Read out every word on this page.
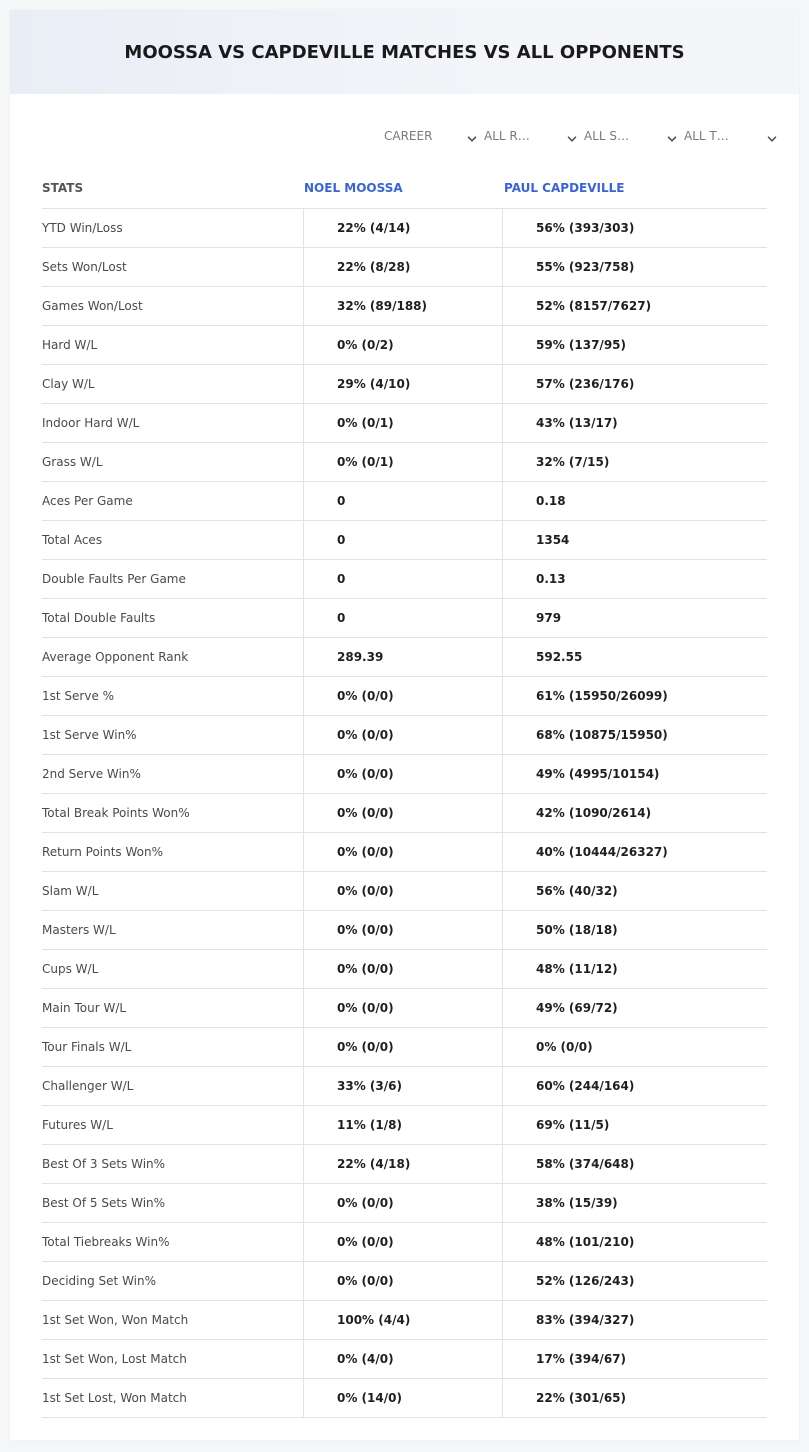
MOOSSA VS CAPDEVILLE MATCHES VS ALL OPPONENTS
CAREER	ALL R…	ALL S…	ALL T…
STATS	NOEL MOOSSA	PAUL CAPDEVILLE
YTD Win/Loss	22% (4/14)	56% (393/303)
Sets Won/Lost	22% (8/28)	55% (923/758)
Games Won/Lost	32% (89/188)	52% (8157/7627)
Hard W/L	0% (0/2)	59% (137/95)
Clay W/L	29% (4/10)	57% (236/176)
Indoor Hard W/L	0% (0/1)	43% (13/17)
Grass W/L	0% (0/1)	32% (7/15)
Aces Per Game	0	0.18
Total Aces	0	1354
Double Faults Per Game	0	0.13
Total Double Faults	0	979
Average Opponent Rank	289.39	592.55
1st Serve %	0% (0/0)	61% (15950/26099)
1st Serve Win%	0% (0/0)	68% (10875/15950)
2nd Serve Win%	0% (0/0)	49% (4995/10154)
Total Break Points Won%	0% (0/0)	42% (1090/2614)
Return Points Won%	0% (0/0)	40% (10444/26327)
Slam W/L	0% (0/0)	56% (40/32)
Masters W/L	0% (0/0)	50% (18/18)
Cups W/L	0% (0/0)	48% (11/12)
Main Tour W/L	0% (0/0)	49% (69/72)
Tour Finals W/L	0% (0/0)	0% (0/0)
Challenger W/L	33% (3/6)	60% (244/164)
Futures W/L	11% (1/8)	69% (11/5)
Best Of 3 Sets Win%	22% (4/18)	58% (374/648)
Best Of 5 Sets Win%	0% (0/0)	38% (15/39)
Total Tiebreaks Win%	0% (0/0)	48% (101/210)
Deciding Set Win%	0% (0/0)	52% (126/243)
1st Set Won, Won Match	100% (4/4)	83% (394/327)
1st Set Won, Lost Match	0% (4/0)	17% (394/67)
1st Set Lost, Won Match	0% (14/0)	22% (301/65)
